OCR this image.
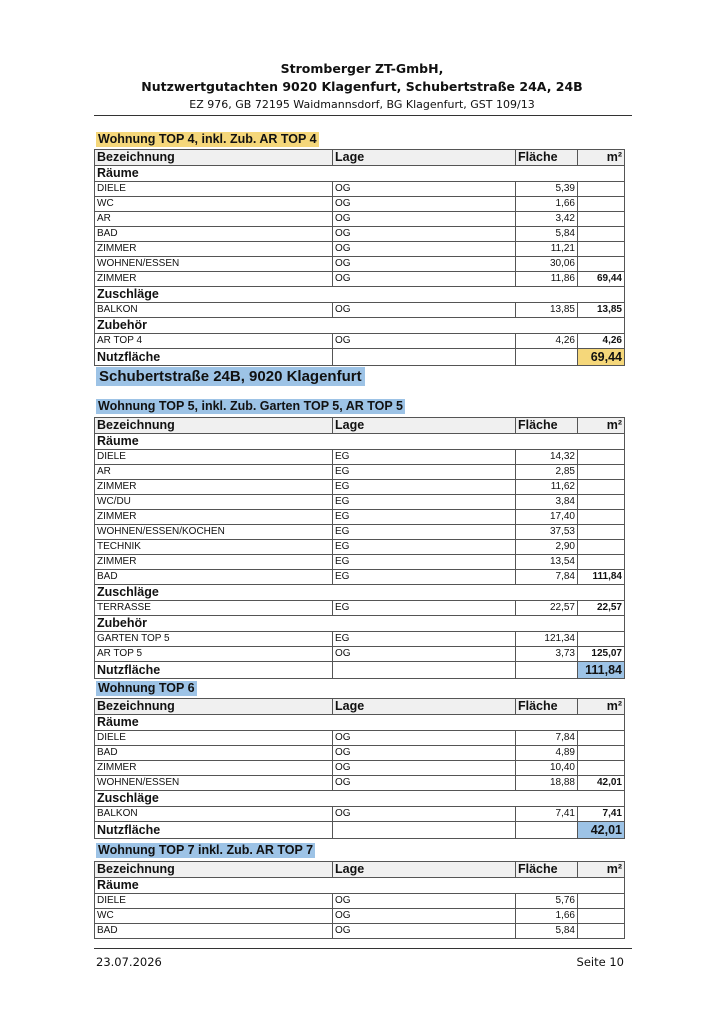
Stromberger ZT-GmbH,
Nutzwertgutachten 9020 Klagenfurt, Schubertstraße 24A, 24B
EZ 976, GB 72195 Waidmannsdorf, BG Klagenfurt, GST 109/13
Wohnung TOP 4, inkl. Zub. AR TOP 4
Bezeichnung	Lage	Fläche	m²
Räume			
DIELE	OG	5,39	
WC	OG	1,66	
AR	OG	3,42	
BAD	OG	5,84	
ZIMMER	OG	11,21	
WOHNEN/ESSEN	OG	30,06	
ZIMMER	OG	11,86	69,44
Zuschläge			
BALKON	OG	13,85	13,85
Zubehör			
AR TOP 4	OG	4,26	4,26
Nutzfläche			69,44
Schubertstraße 24B, 9020 Klagenfurt
Wohnung TOP 5, inkl. Zub. Garten TOP 5, AR TOP 5
Bezeichnung	Lage	Fläche	m²
Räume			
DIELE	EG	14,32	
AR	EG	2,85	
ZIMMER	EG	11,62	
WC/DU	EG	3,84	
ZIMMER	EG	17,40	
WOHNEN/ESSEN/KOCHEN	EG	37,53	
TECHNIK	EG	2,90	
ZIMMER	EG	13,54	
BAD	EG	7,84	111,84
Zuschläge			
TERRASSE	EG	22,57	22,57
Zubehör			
GARTEN TOP 5	EG	121,34	
AR TOP 5	OG	3,73	125,07
Nutzfläche			111,84
Wohnung TOP 6
Bezeichnung	Lage	Fläche	m²
Räume			
DIELE	OG	7,84	
BAD	OG	4,89	
ZIMMER	OG	10,40	
WOHNEN/ESSEN	OG	18,88	42,01
Zuschläge			
BALKON	OG	7,41	7,41
Nutzfläche			42,01
Wohnung TOP 7 inkl. Zub. AR TOP 7
Bezeichnung	Lage	Fläche	m²
Räume			
DIELE	OG	5,76	
WC	OG	1,66	
BAD	OG	5,84	
23.07.2026	Seite 10
